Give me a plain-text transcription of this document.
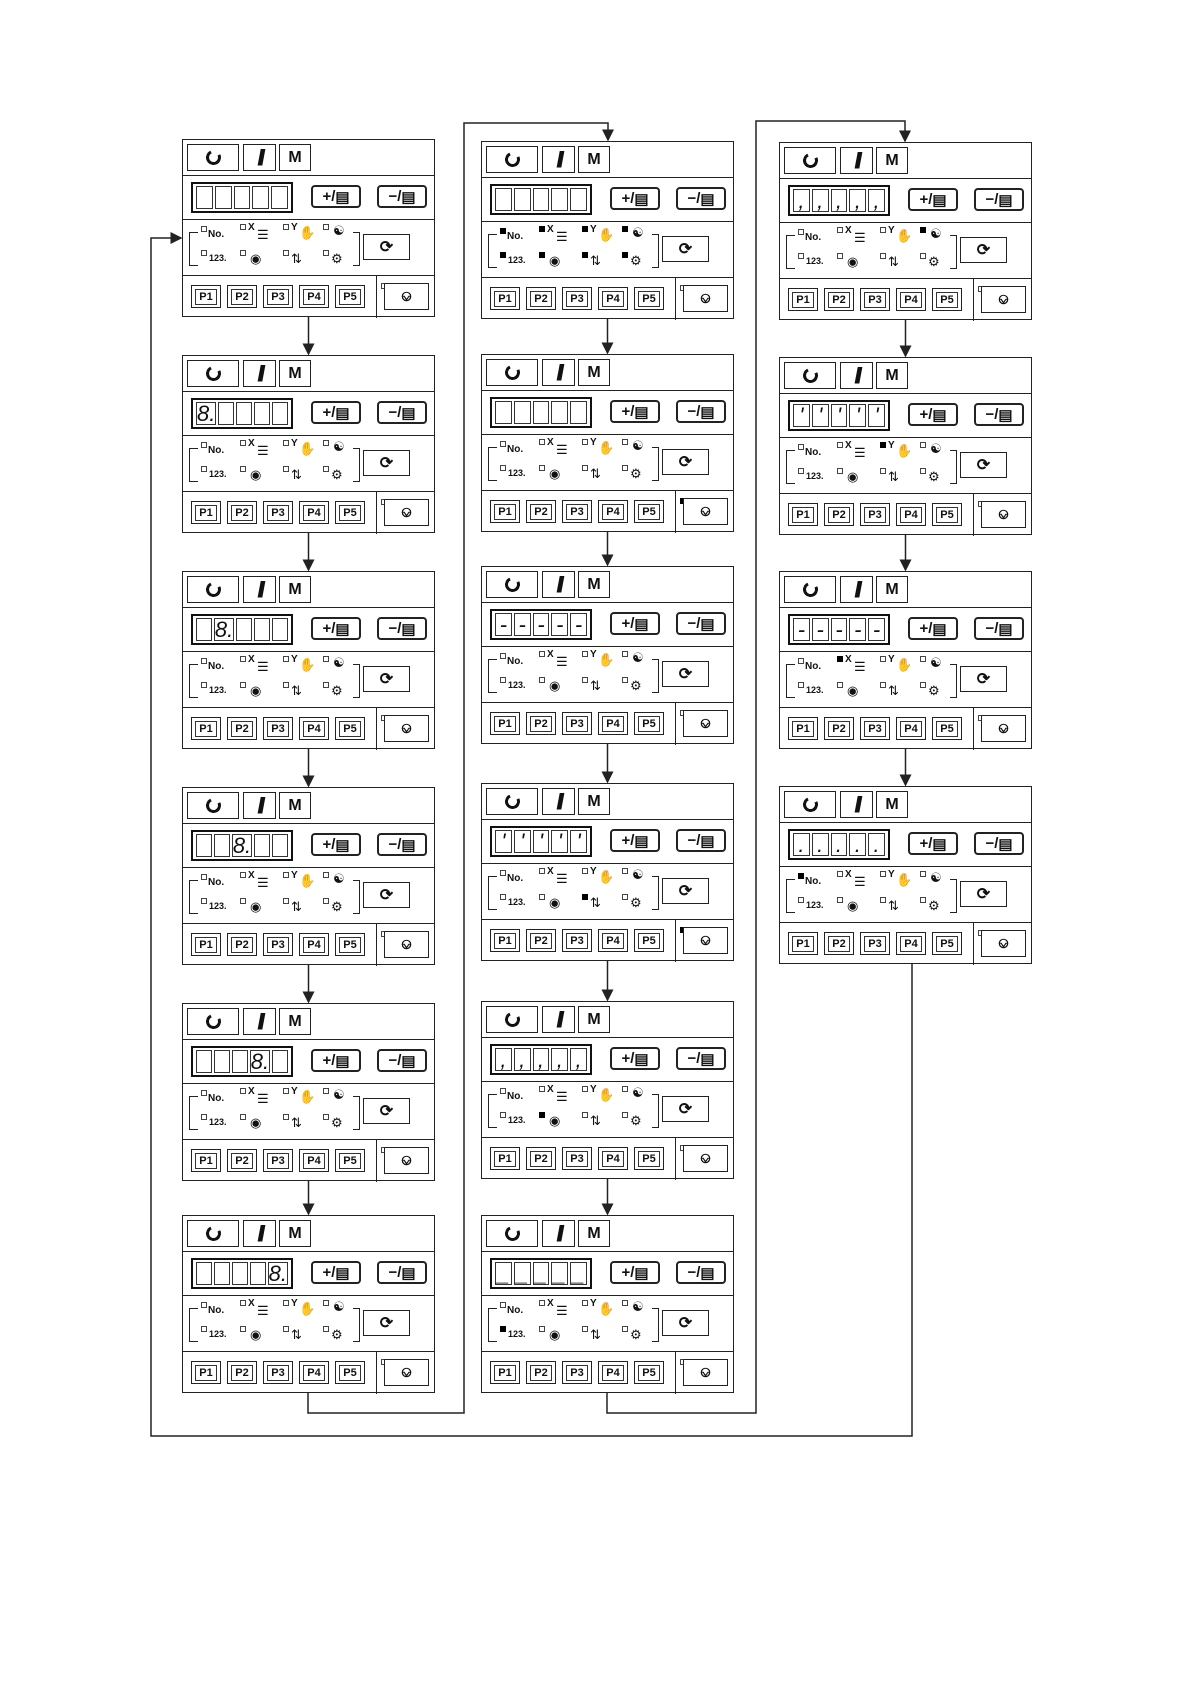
// M
+/ ▤	−/ ▤
No.
X ☰ Y ✋ ☯
123. ◉ ⇅ ⚙
⟳
P1	P2	P3	P4	P5	⎉
// M
8.	+/ ▤	−/ ▤
No.
X ☰ Y ✋ ☯
123. ◉ ⇅ ⚙
⟳
P1	P2	P3	P4	P5	⎉
// M
8.	+/ ▤	−/ ▤
No.
X ☰ Y ✋ ☯
123. ◉ ⇅ ⚙
⟳
P1	P2	P3	P4	P5	⎉
// M
8.	+/ ▤	−/ ▤
No.
X ☰ Y ✋ ☯
123. ◉ ⇅ ⚙
⟳
P1	P2	P3	P4	P5	⎉
// M
8.	+/ ▤	−/ ▤
No.
X ☰ Y ✋ ☯
123. ◉ ⇅ ⚙
⟳
P1	P2	P3	P4	P5	⎉
// M
8. +/ ▤	−/ ▤
No.
X ☰ Y ✋ ☯
123. ◉ ⇅ ⚙
⟳
P1	P2	P3	P4	P5	⎉
// M
+/ ▤	−/ ▤
No.
X ☰ Y ✋ ☯
123. ◉ ⇅ ⚙
⟳
P1	P2	P3	P4	P5	⎉
// M
+/ ▤	−/ ▤
No.
X ☰ Y ✋ ☯
123. ◉ ⇅ ⚙
⟳
P1	P2	P3	P4	P5	⎉
// M
- - - - -	+/ ▤	−/ ▤
No.
X ☰ Y ✋ ☯
123. ◉ ⇅ ⚙
⟳
P1	P2	P3	P4	P5	⎉
// M
' ' ' ' '	+/ ▤	−/ ▤
No.
X ☰ Y ✋ ☯
123. ◉ ⇅ ⚙
⟳
P1	P2	P3	P4	P5	⎉
// M
, , , , ,	+/ ▤	−/ ▤
No.
X ☰ Y ✋ ☯
123. ◉ ⇅ ⚙
⟳
P1	P2	P3	P4	P5	⎉
// M
_ _ _ _ _ +/ ▤	−/ ▤
No.
X ☰ Y ✋ ☯
123. ◉ ⇅ ⚙
⟳
P1	P2	P3	P4	P5	⎉
// M
, , , , ,	+/ ▤	−/ ▤
No.
X ☰ Y ✋ ☯
123. ◉ ⇅ ⚙
⟳
P1	P2	P3	P4	P5	⎉
// M
' ' ' ' '	+/ ▤	−/ ▤
No.
X ☰ Y ✋ ☯
123. ◉ ⇅ ⚙
⟳
P1	P2	P3	P4	P5	⎉
// M
- - - - -	+/ ▤	−/ ▤
No.
X ☰ Y ✋ ☯
123. ◉ ⇅ ⚙
⟳
P1	P2	P3	P4	P5	⎉
// M
. . . . .	+/ ▤	−/ ▤
No.
X ☰ Y ✋ ☯
123. ◉ ⇅ ⚙
⟳
P1	P2	P3	P4	P5	⎉
